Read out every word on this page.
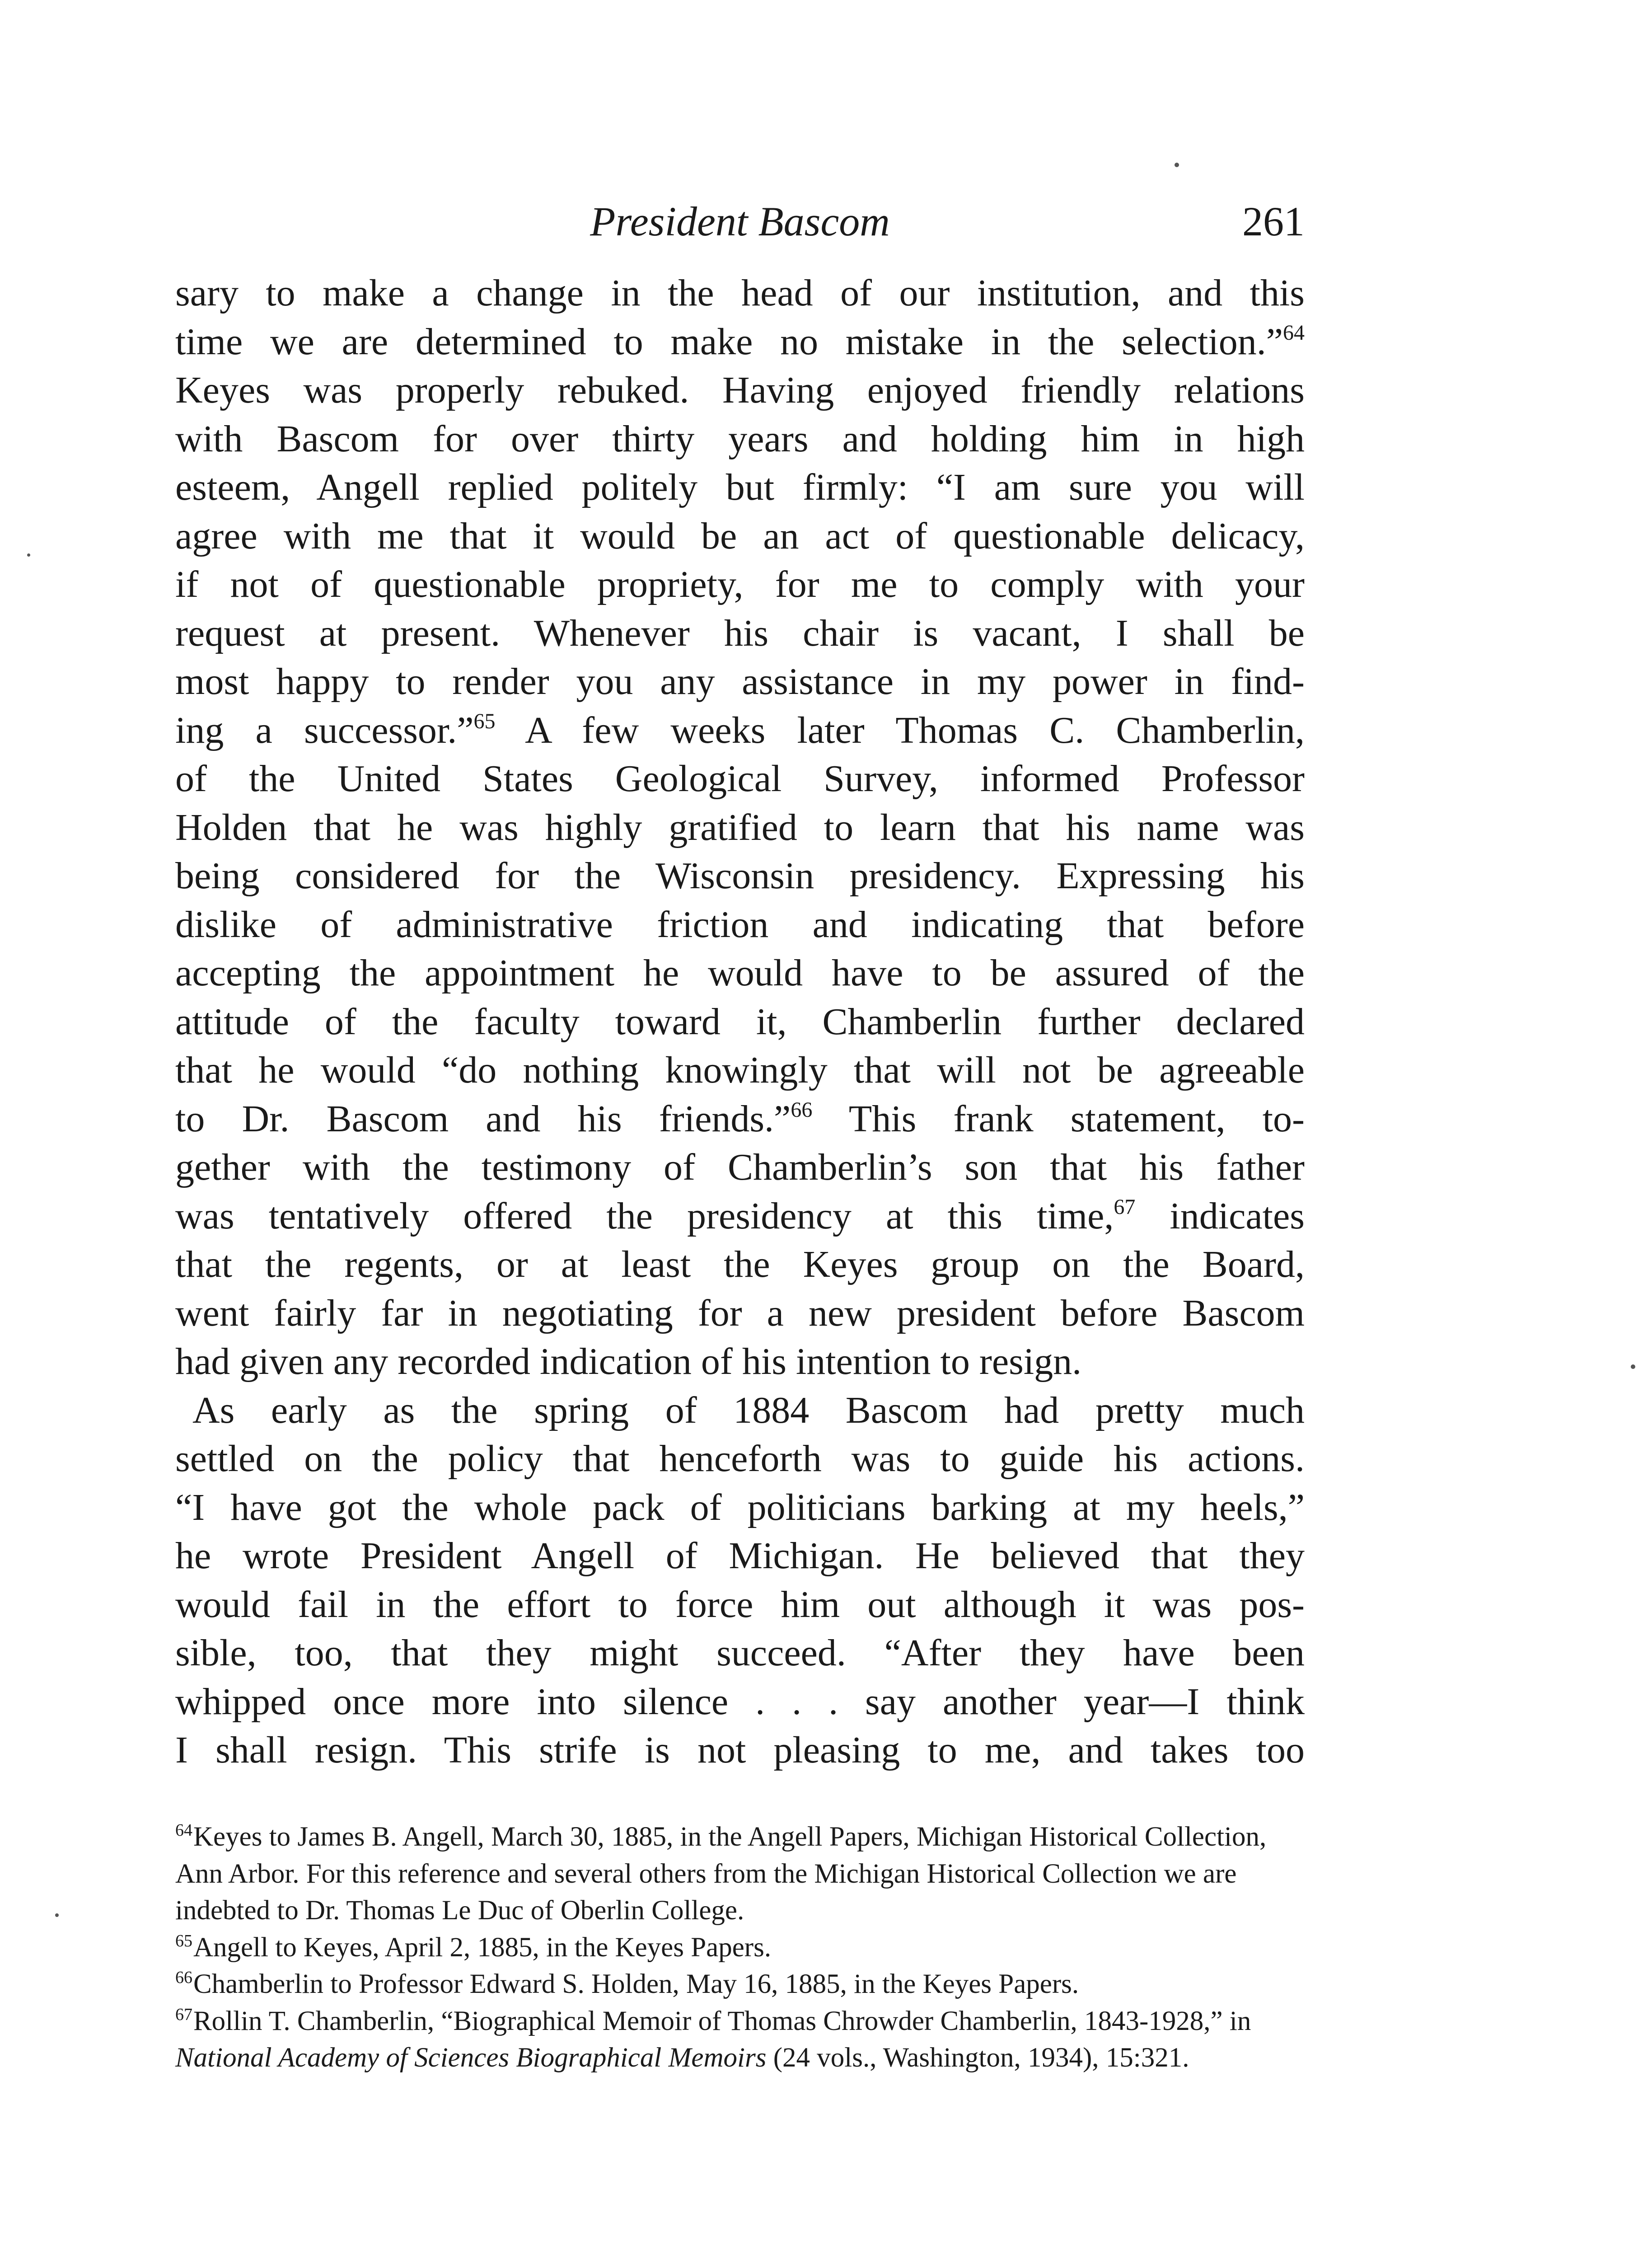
President Bascom	261
sary to make a change in the head of our institution, and this
time we are determined to make no mistake in the selection.”$^{64}$
Keyes was properly rebuked. Having enjoyed friendly relations
with Bascom for over thirty years and holding him in high
esteem, Angell replied politely but firmly: “I am sure you will
agree with me that it would be an act of questionable delicacy,
if not of questionable propriety, for me to comply with your
request at present. Whenever his chair is vacant, I shall be
most happy to render you any assistance in my power in find-
ing a successor.”$^{65}$ A few weeks later Thomas C. Chamberlin,
of the United States Geological Survey, informed Professor
Holden that he was highly gratified to learn that his name was
being considered for the Wisconsin presidency. Expressing his
dislike of administrative friction and indicating that before
accepting the appointment he would have to be assured of the
attitude of the faculty toward it, Chamberlin further declared
that he would “do nothing knowingly that will not be agreeable
to Dr. Bascom and his friends.”$^{66}$ This frank statement, to-
gether with the testimony of Chamberlin’s son that his father
was tentatively offered the presidency at this time,$^{67}$ indicates
that the regents, or at least the Keyes group on the Board,
went fairly far in negotiating for a new president before Bascom
had given any recorded indication of his intention to resign.
As early as the spring of 1884 Bascom had pretty much
settled on the policy that henceforth was to guide his actions.
“I have got the whole pack of politicians barking at my heels,”
he wrote President Angell of Michigan. He believed that they
would fail in the effort to force him out although it was pos-
sible, too, that they might succeed. “After they have been
whipped once more into silence . . . say another year—I think
I shall resign. This strife is not pleasing to me, and takes too
$^{64}$Keyes to James B. Angell, March 30, 1885, in the Angell Papers, Michigan Historical Collection, Ann Arbor. For this reference and several others from the Michigan Historical Collection we are indebted to Dr. Thomas Le Duc of Oberlin College.
$^{65}$Angell to Keyes, April 2, 1885, in the Keyes Papers.
$^{66}$Chamberlin to Professor Edward S. Holden, May 16, 1885, in the Keyes Papers.
$^{67}$Rollin T. Chamberlin, “Biographical Memoir of Thomas Chrowder Chamberlin, 1843-1928,” in National Academy of Sciences Biographical Memoirs (24 vols., Washington, 1934), 15:321.
